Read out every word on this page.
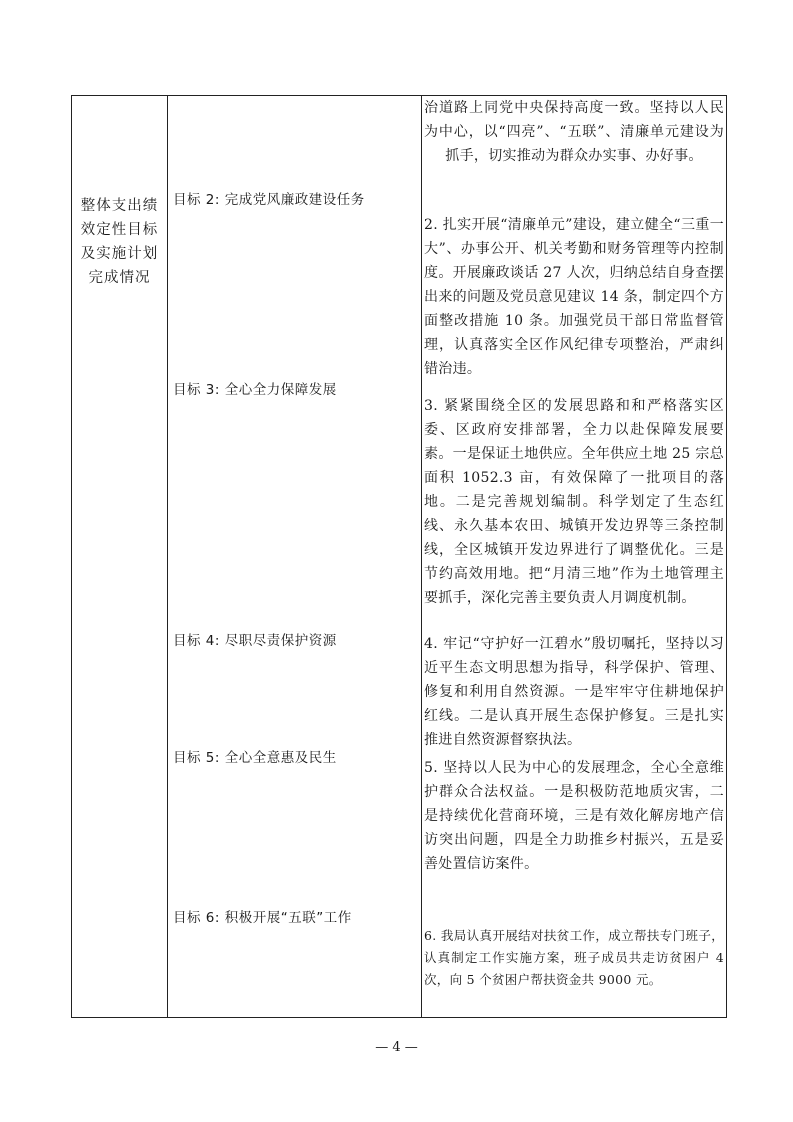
整体支出绩
效定性目标
及实施计划
完成情况
目标 2: 完成党风廉政建设任务
目标 3: 全心全力保障发展
目标 4: 尽职尽责保护资源
目标 5: 全心全意惠及民生
目标 6: 积极开展“五联”工作
治道路上同党中央保持高度一致。坚持以人民为中心，以“四亮”、“五联”、清廉单元建设为抓手，切实推动为群众办实事、办好事。
2. 扎实开展“清廉单元”建设，建立健全“三重一大”、办事公开、机关考勤和财务管理等内控制度。开展廉政谈话 27 人次，归纳总结自身查摆出来的问题及党员意见建议 14 条，制定四个方面整改措施 10 条。加强党员干部日常监督管理，认真落实全区作风纪律专项整治，严肃纠错治违。
3. 紧紧围绕全区的发展思路和和严格落实区委、区政府安排部署，全力以赴保障发展要素。一是保证土地供应。全年供应土地 25 宗总面积 1052.3 亩，有效保障了一批项目的落地。二是完善规划编制。科学划定了生态红线、永久基本农田、城镇开发边界等三条控制线，全区城镇开发边界进行了调整优化。三是节约高效用地。把“月清三地”作为土地管理主要抓手，深化完善主要负责人月调度机制。
4. 牢记“守护好一江碧水”殷切嘱托，坚持以习近平生态文明思想为指导，科学保护、管理、修复和利用自然资源。一是牢牢守住耕地保护红线。二是认真开展生态保护修复。三是扎实推进自然资源督察执法。
5. 坚持以人民为中心的发展理念，全心全意维护群众合法权益。一是积极防范地质灾害，二是持续优化营商环境，三是有效化解房地产信访突出问题，四是全力助推乡村振兴，五是妥善处置信访案件。
6. 我局认真开展结对扶贫工作，成立帮扶专门班子，认真制定工作实施方案，班子成员共走访贫困户 4 次，向 5 个贫困户帮扶资金共 9000 元。
— 4 —
